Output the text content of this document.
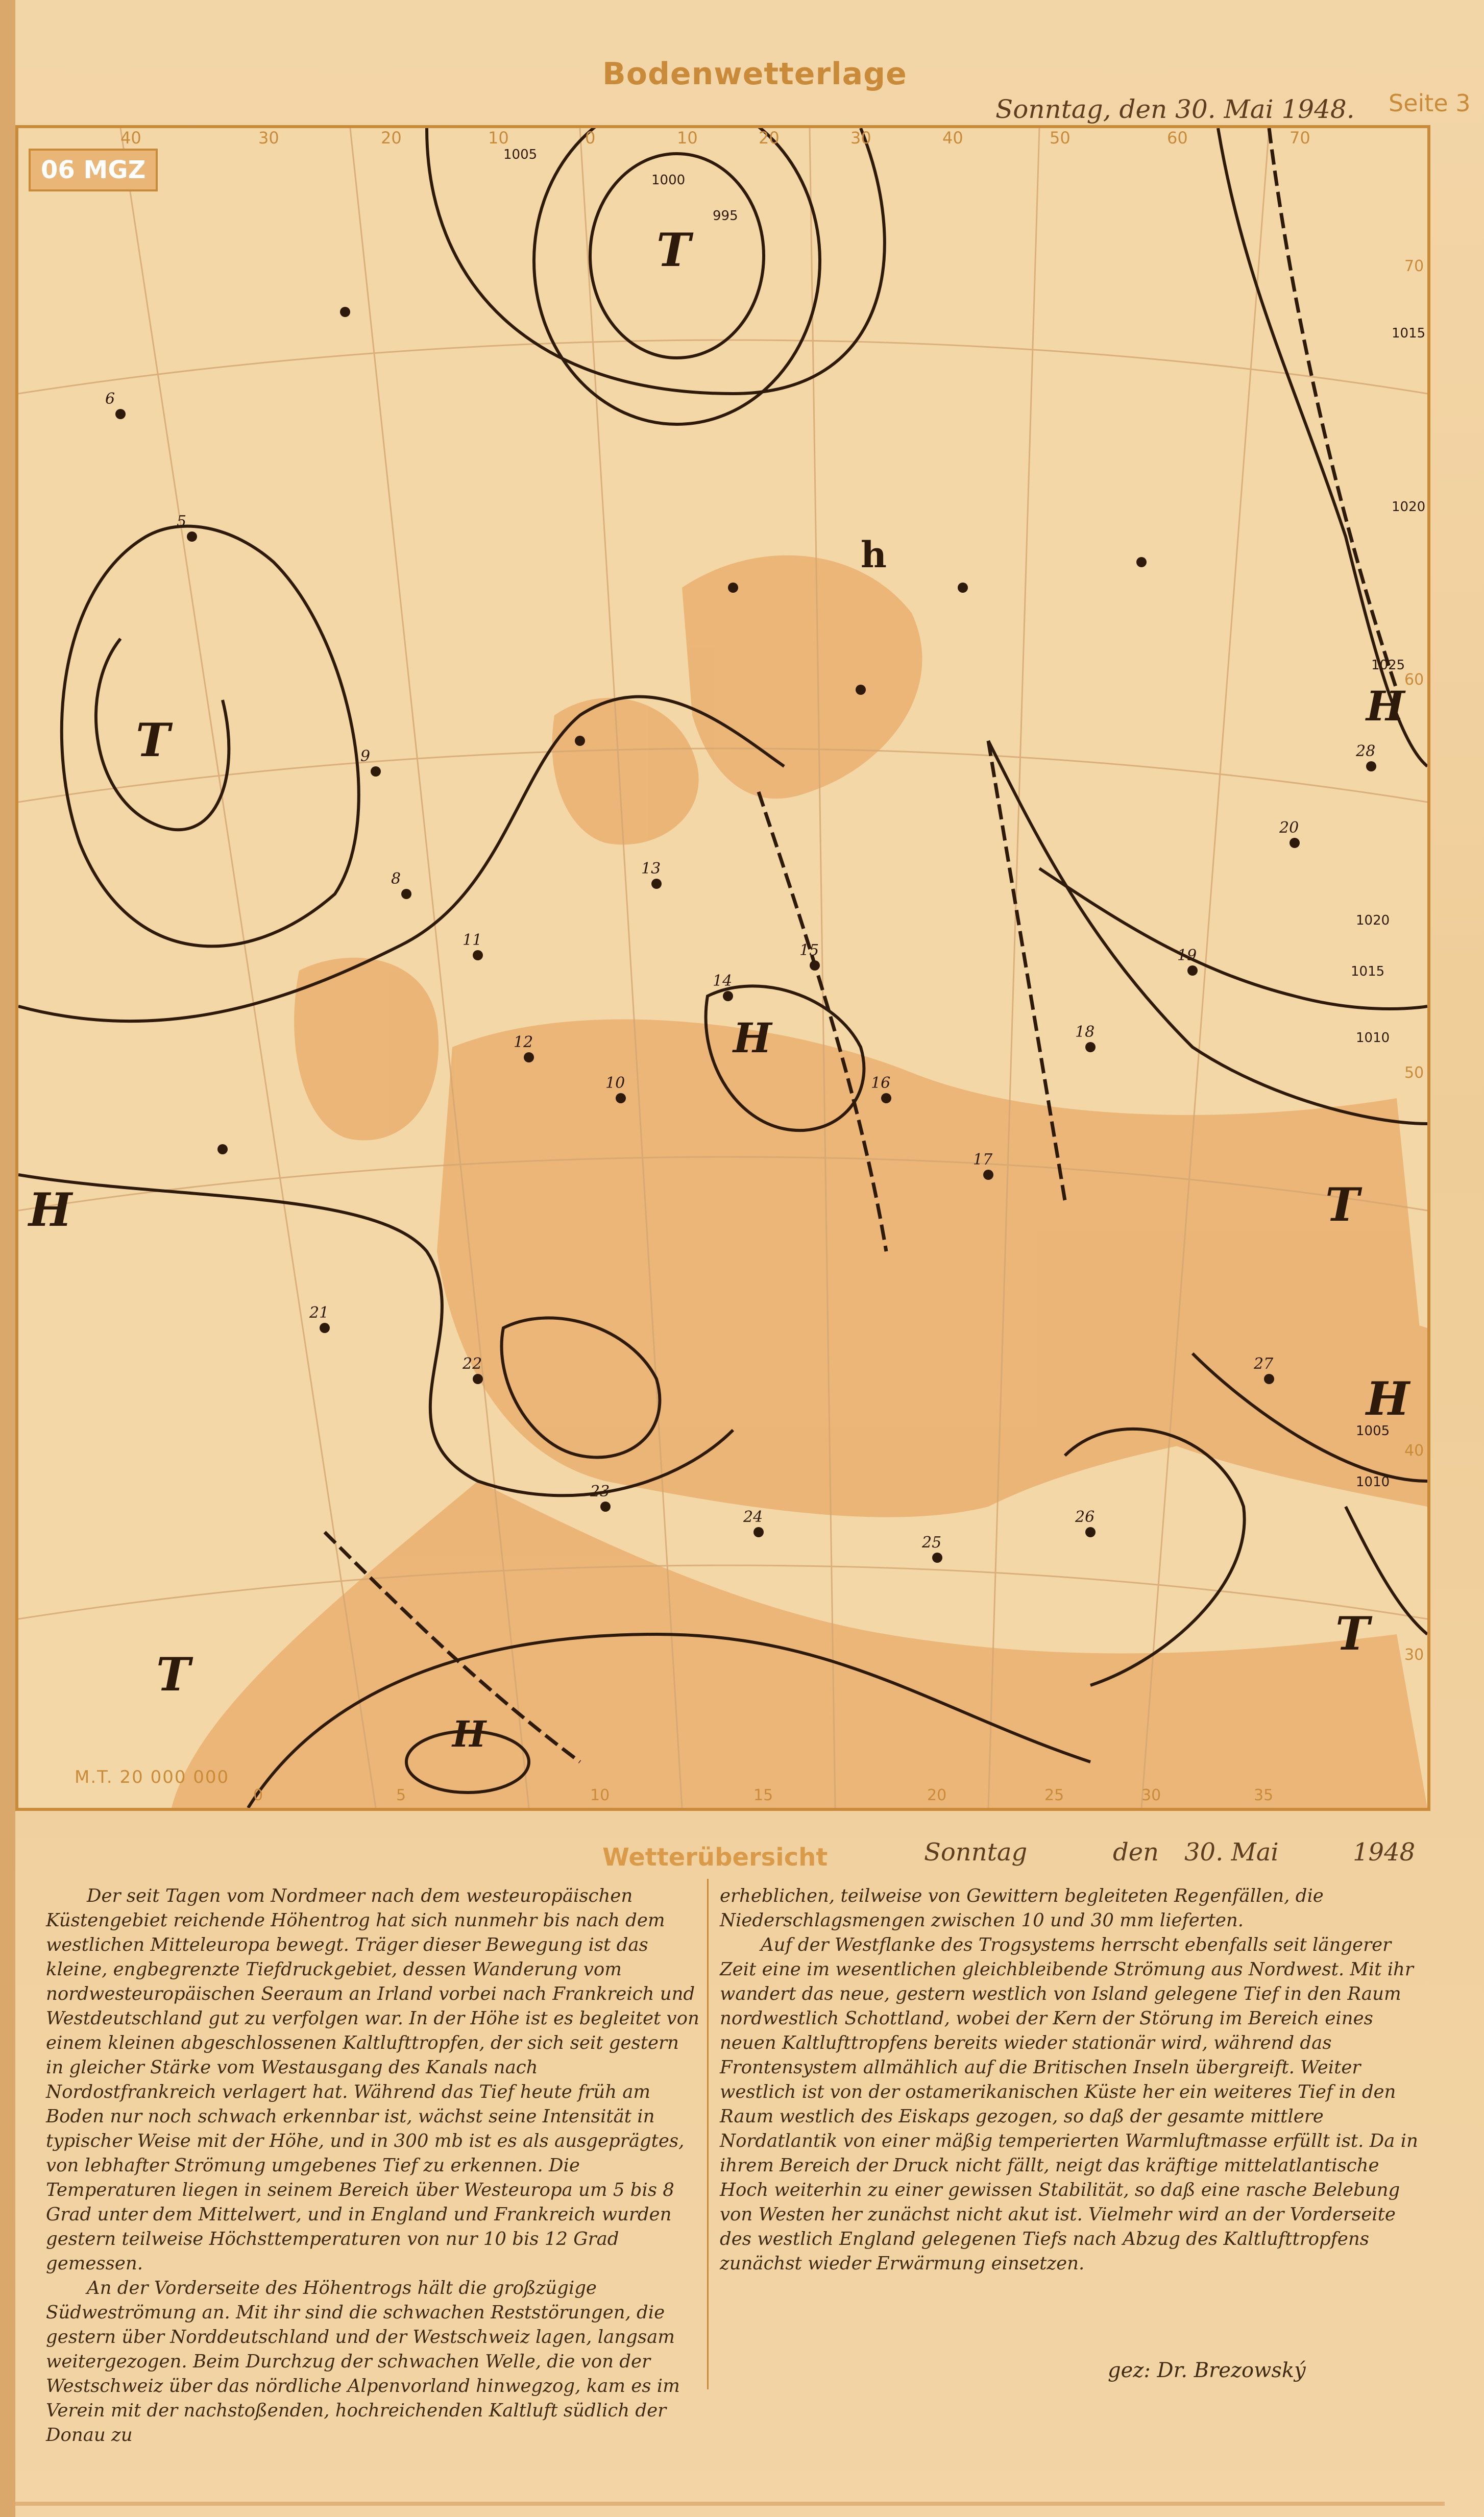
Bodenwetterlage
Sonntag, den 30. Mai 1948. Seite 3
T
T
T
T
T
H
H
H
H
H
h
1005
1000
995
1020
1015
1010
1025
1005
1020
1015
1010
6
5
9
8
11
12
10
13
14
15
16
17
18
19
20
21
22
23
24
25
26
27
28
40	30	20	10	0	10	20	30	40	50	60	70
0	5	10	15	20	25	30	35
70
60
50
40
30
06 MGZ
M.T. 20 000 000
Wetterübersicht	Sonntag	den 30. Mai	1948

Der seit Tagen vom Nordmeer nach dem westeuropäischen Küstengebiet reichende Höhentrog hat sich nunmehr bis nach dem westlichen Mitteleuropa bewegt. Träger dieser Bewegung ist das kleine, engbegrenzte Tiefdruckgebiet, dessen Wanderung vom nordwesteuropäischen Seeraum an Irland vorbei nach Frankreich und Westdeutschland gut zu verfolgen war. In der Höhe ist es begleitet von einem kleinen abgeschlossenen Kaltlufttropfen, der sich seit gestern in gleicher Stärke vom Westausgang des Kanals nach Nordostfrankreich verlagert hat. Während das Tief heute früh am Boden nur noch schwach erkennbar ist, wächst seine Intensität in typischer Weise mit der Höhe, und in 300 mb ist es als ausgeprägtes, von lebhafter Strömung umgebenes Tief zu erkennen. Die Temperaturen liegen in seinem Bereich über Westeuropa um 5 bis 8 Grad unter dem Mittelwert, und in England und Frankreich wurden gestern teilweise Höchsttemperaturen von nur 10 bis 12 Grad gemessen.

An der Vorderseite des Höhentrogs hält die großzügige Südweströmung an. Mit ihr sind die schwachen Reststörungen, die gestern über Norddeutschland und der Westschweiz lagen, langsam weitergezogen. Beim Durchzug der schwachen Welle, die von der Westschweiz über das nördliche Alpenvorland hinwegzog, kam es im Verein mit der nachstoßenden, hochreichenden Kaltluft südlich der Donau zu

erheblichen, teilweise von Gewittern begleiteten Regenfällen, die Niederschlagsmengen zwischen 10 und 30 mm lieferten.

Auf der Westflanke des Trogsystems herrscht ebenfalls seit längerer Zeit eine im wesentlichen gleichbleibende Strömung aus Nordwest. Mit ihr wandert das neue, gestern westlich von Island gelegene Tief in den Raum nordwestlich Schottland, wobei der Kern der Störung im Bereich eines neuen Kaltlufttropfens bereits wieder stationär wird, während das Frontensystem allmählich auf die Britischen Inseln übergreift. Weiter westlich ist von der ostamerikanischen Küste her ein weiteres Tief in den Raum westlich des Eiskaps gezogen, so daß der gesamte mittlere Nordatlantik von einer mäßig temperierten Warmluftmasse erfüllt ist. Da in ihrem Bereich der Druck nicht fällt, neigt das kräftige mittelatlantische Hoch weiterhin zu einer gewissen Stabilität, so daß eine rasche Belebung von Westen her zunächst nicht akut ist. Vielmehr wird an der Vorderseite des westlich England gelegenen Tiefs nach Abzug des Kaltlufttropfens zunächst wieder Erwärmung einsetzen.

gez: Dr. Brezowský
